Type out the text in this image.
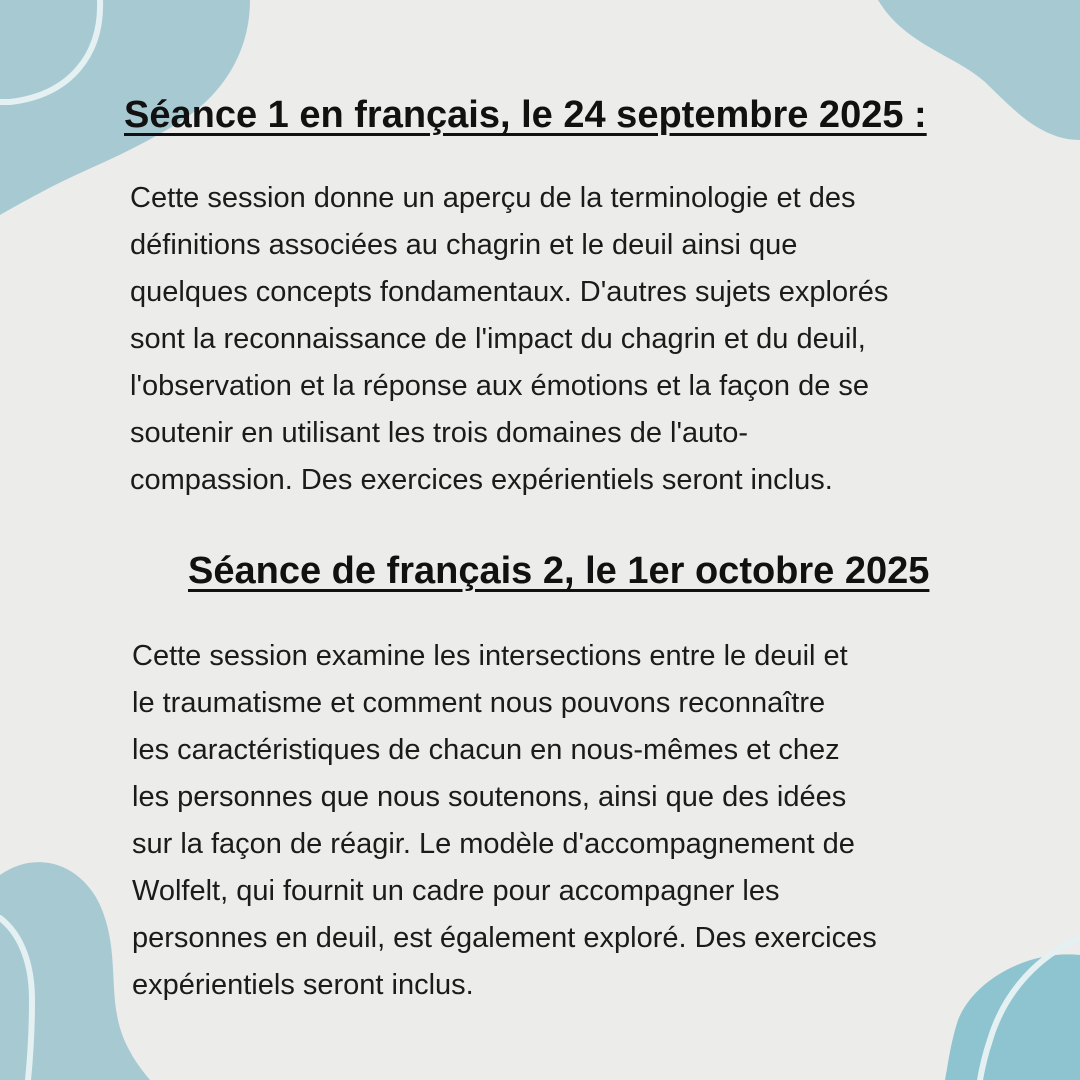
Séance 1 en français, le 24 septembre 2025 :
Cette session donne un aperçu de la terminologie et des
définitions associées au chagrin et le deuil ainsi que
quelques concepts fondamentaux. D'autres sujets explorés
sont la reconnaissance de l'impact du chagrin et du deuil,
l'observation et la réponse aux émotions et la façon de se
soutenir en utilisant les trois domaines de l'auto-
compassion. Des exercices expérientiels seront inclus.
Séance de français 2, le 1er octobre 2025
Cette session examine les intersections entre le deuil et
le traumatisme et comment nous pouvons reconnaître
les caractéristiques de chacun en nous-mêmes et chez
les personnes que nous soutenons, ainsi que des idées
sur la façon de réagir. Le modèle d'accompagnement de
Wolfelt, qui fournit un cadre pour accompagner les
personnes en deuil, est également exploré. Des exercices
expérientiels seront inclus.
